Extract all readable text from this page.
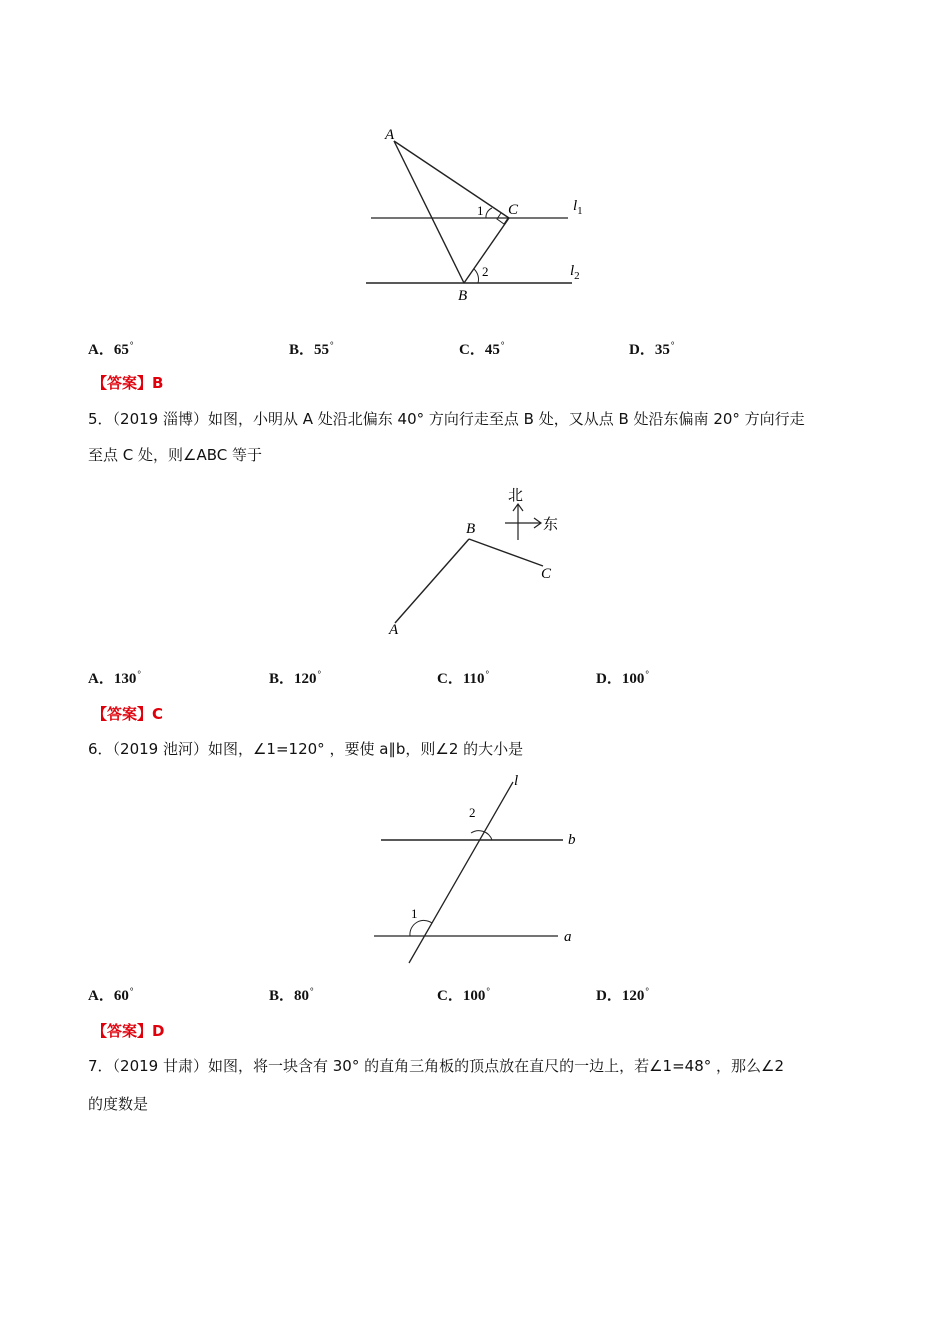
A
C
B
1
2
$l_1$
$l_2$
A．65°	B．55°	C．45°	D．35°
【答案】B
5．（2019 淄博）如图，小明从 A 处沿北偏东 40° 方向行走至点 B 处，又从点 B 处沿东偏南 20° 方向行走
至点 C 处，则∠ABC 等于
北
东
A
B
C
A．130°	B．120°	C．110°	D．100°
【答案】C
6．（2019 池河）如图，∠1=120° ，要使 a∥b，则∠2 的大小是
l
b
a
2
1
A．60°	B．80°	C．100°	D．120°
【答案】D
7．（2019 甘肃）如图，将一块含有 30° 的直角三角板的顶点放在直尺的一边上，若∠1=48° ，那么∠2
的度数是
